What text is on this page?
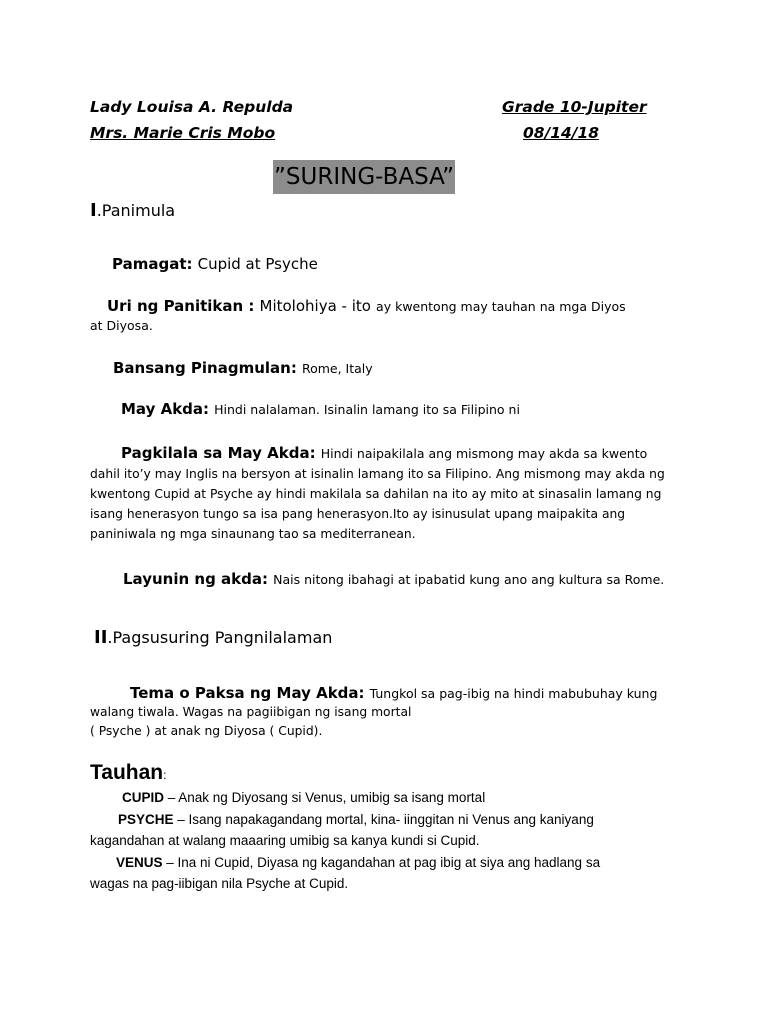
Lady Louisa A. Repulda	Grade 10-Jupiter
Mrs. Marie Cris Mobo	08/14/18
”SURING-BASA”
I.Panimula
Pamagat: Cupid at Psyche
Uri ng Panitikan : Mitolohiya - ito ay kwentong may tauhan na mga Diyos
at Diyosa.
Bansang Pinagmulan: Rome, Italy
May Akda: Hindi nalalaman. Isinalin lamang ito sa Filipino ni
Pagkilala sa May Akda: Hindi naipakilala ang mismong may akda sa kwento
dahil ito’y may Inglis na bersyon at isinalin lamang ito sa Filipino. Ang mismong may akda ng
kwentong Cupid at Psyche ay hindi makilala sa dahilan na ito ay mito at sinasalin lamang ng
isang henerasyon tungo sa isa pang henerasyon.Ito ay isinusulat upang maipakita ang
paniniwala ng mga sinaunang tao sa mediterranean.
Layunin ng akda: Nais nitong ibahagi at ipabatid kung ano ang kultura sa Rome.
II.Pagsusuring Pangnilalaman
Tema o Paksa ng May Akda: Tungkol sa pag-ibig na hindi mabubuhay kung
walang tiwala. Wagas na pagiibigan ng isang mortal
( Psyche ) at anak ng Diyosa ( Cupid).
Tauhan:
CUPID – Anak ng Diyosang si Venus, umibig sa isang mortal
PSYCHE – Isang napakagandang mortal, kina- iinggitan ni Venus ang kaniyang
kagandahan at walang maaaring umibig sa kanya kundi si Cupid.
VENUS – Ina ni Cupid, Diyasa ng kagandahan at pag ibig at siya ang hadlang sa
wagas na pag-iibigan nila Psyche at Cupid.
